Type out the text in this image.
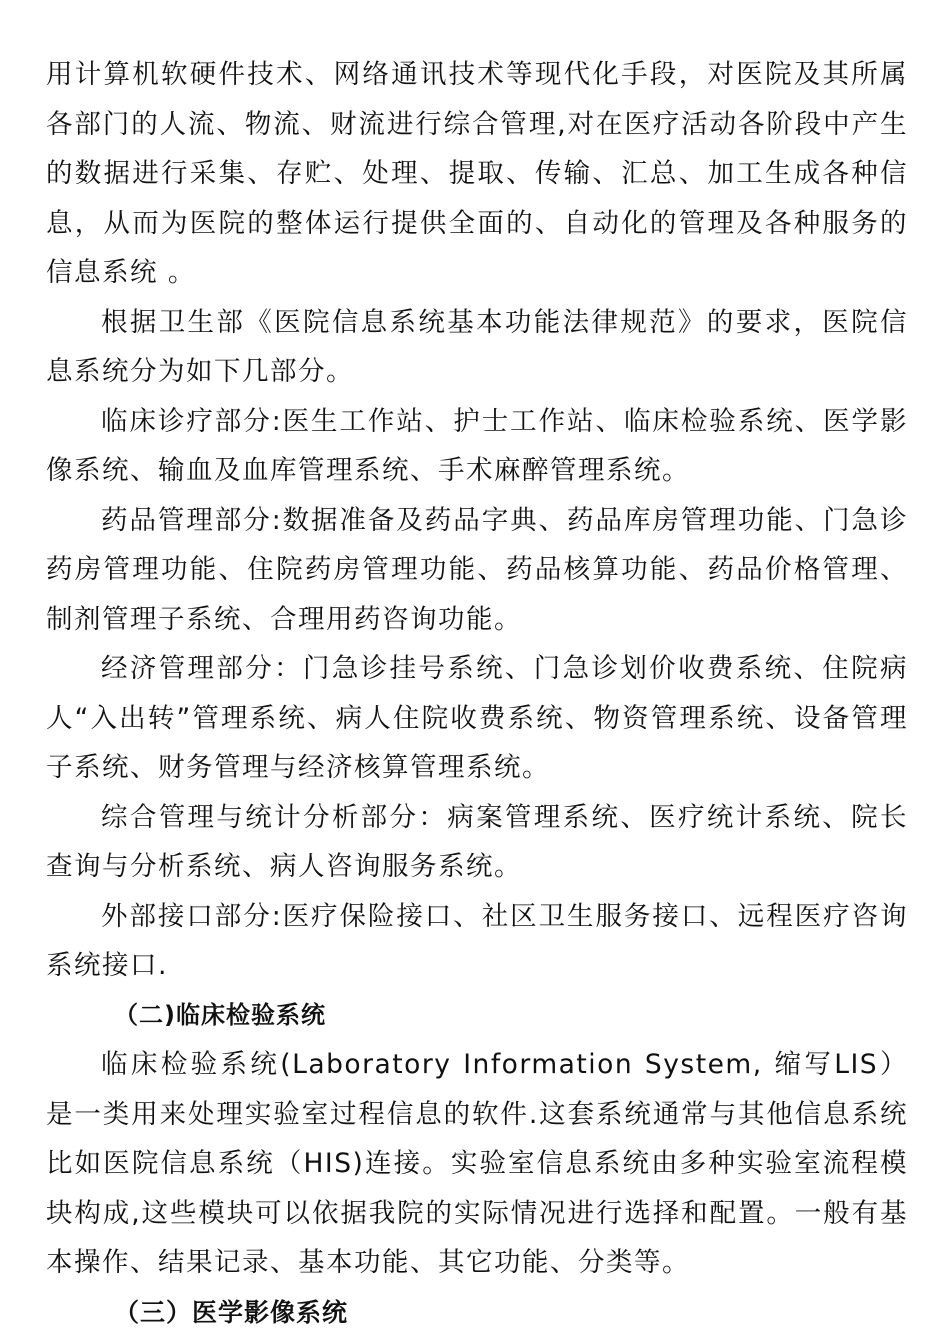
用计算机软硬件技术、网络通讯技术等现代化手段，对医院及其所属各部门的人流、物流、财流进行综合管理,对在医疗活动各阶段中产生的数据进行采集、存贮、处理、提取、传输、汇总、加工生成各种信息，从而为医院的整体运行提供全面的、自动化的管理及各种服务的信息系统 。

根据卫生部《医院信息系统基本功能法律规范》的要求，医院信息系统分为如下几部分。

临床诊疗部分:医生工作站、护士工作站、临床检验系统、医学影像系统、输血及血库管理系统、手术麻醉管理系统。

药品管理部分:数据准备及药品字典、药品库房管理功能、门急诊药房管理功能、住院药房管理功能、药品核算功能、药品价格管理、制剂管理子系统、合理用药咨询功能。

经济管理部分：门急诊挂号系统、门急诊划价收费系统、住院病人“入出转”管理系统、病人住院收费系统、物资管理系统、设备管理子系统、财务管理与经济核算管理系统。

综合管理与统计分析部分：病案管理系统、医疗统计系统、院长查询与分析系统、病人咨询服务系统。

外部接口部分:医疗保险接口、社区卫生服务接口、远程医疗咨询系统接口.

（二)临床检验系统

临床检验系统(Laboratory Information System, 缩写LIS）是一类用来处理实验室过程信息的软件.这套系统通常与其他信息系统比如医院信息系统（HIS)连接。实验室信息系统由多种实验室流程模块构成,这些模块可以依据我院的实际情况进行选择和配置。一般有基本操作、结果记录、基本功能、其它功能、分类等。

（三）医学影像系统
